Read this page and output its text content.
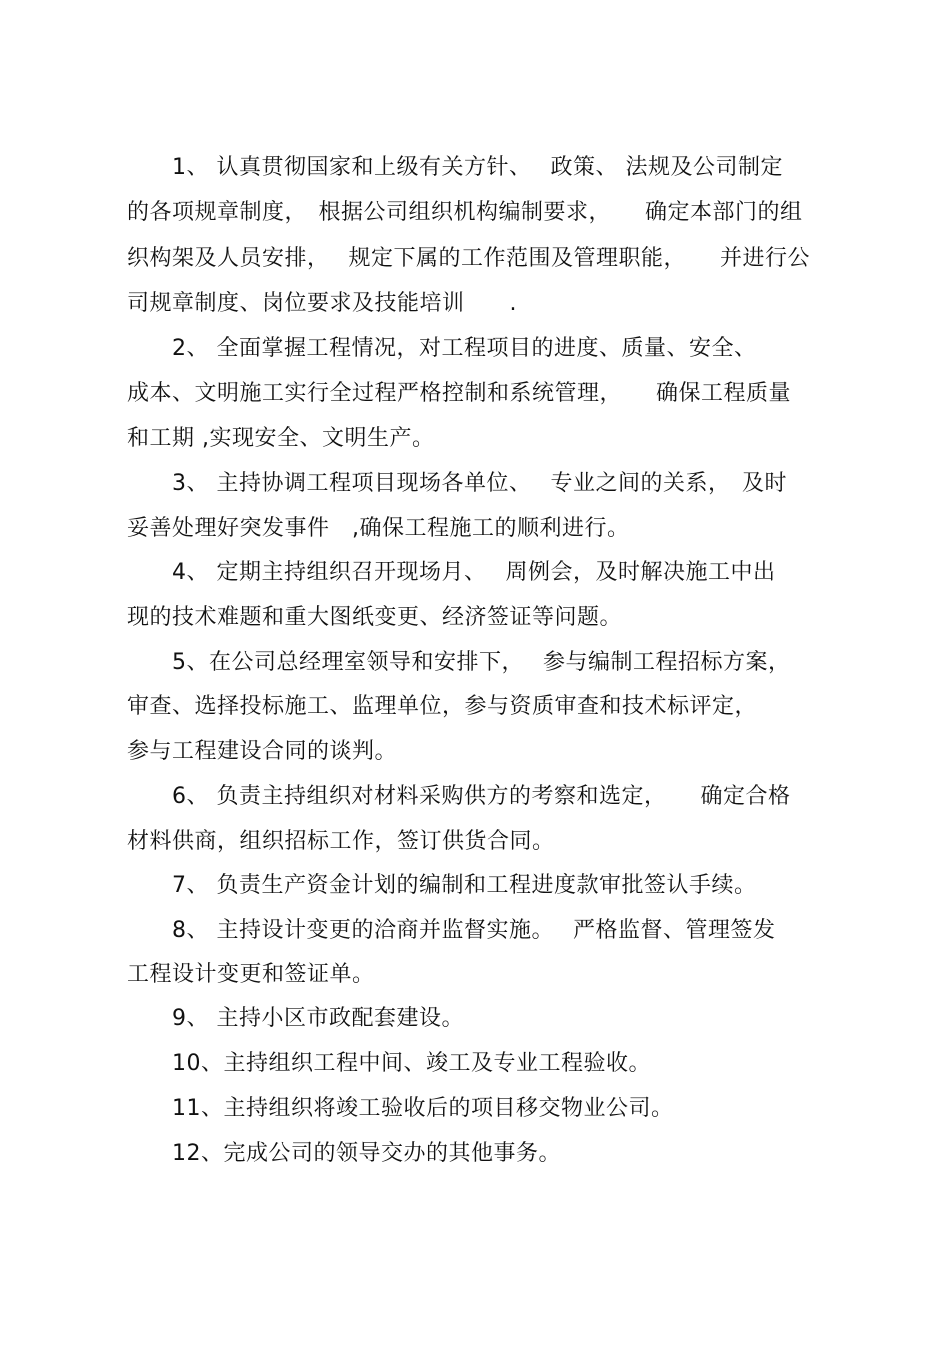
　　1、 认真贯彻国家和上级有关方针、　 政策、 法规及公司制定
的各项规章制度，　根据公司组织机构编制要求，　　确定本部门的组
织构架及人员安排，　 规定下属的工作范围及管理职能，　　并进行公
司规章制度、岗位要求及技能培训　　.
　　2、 全面掌握工程情况，对工程项目的进度、质量、安全、
成本、文明施工实行全过程严格控制和系统管理，　　确保工程质量
和工期 ,实现安全、文明生产。
　　3、 主持协调工程项目现场各单位、　 专业之间的关系，　及时
妥善处理好突发事件　,确保工程施工的顺利进行。
　　4、 定期主持组织召开现场月、　 周例会，及时解决施工中出
现的技术难题和重大图纸变更、经济签证等问题。
　　5、在公司总经理室领导和安排下，　 参与编制工程招标方案，
审查、选择投标施工、监理单位，参与资质审查和技术标评定，
参与工程建设合同的谈判。
　　6、 负责主持组织对材料采购供方的考察和选定，　　确定合格
材料供商，组织招标工作，签订供货合同。
　　7、 负责生产资金计划的编制和工程进度款审批签认手续。
　　8、 主持设计变更的洽商并监督实施。　 严格监督、管理签发
工程设计变更和签证单。
　　9、 主持小区市政配套建设。
　　10、主持组织工程中间、竣工及专业工程验收。
　　11、主持组织将竣工验收后的项目移交物业公司。
　　12、完成公司的领导交办的其他事务。
